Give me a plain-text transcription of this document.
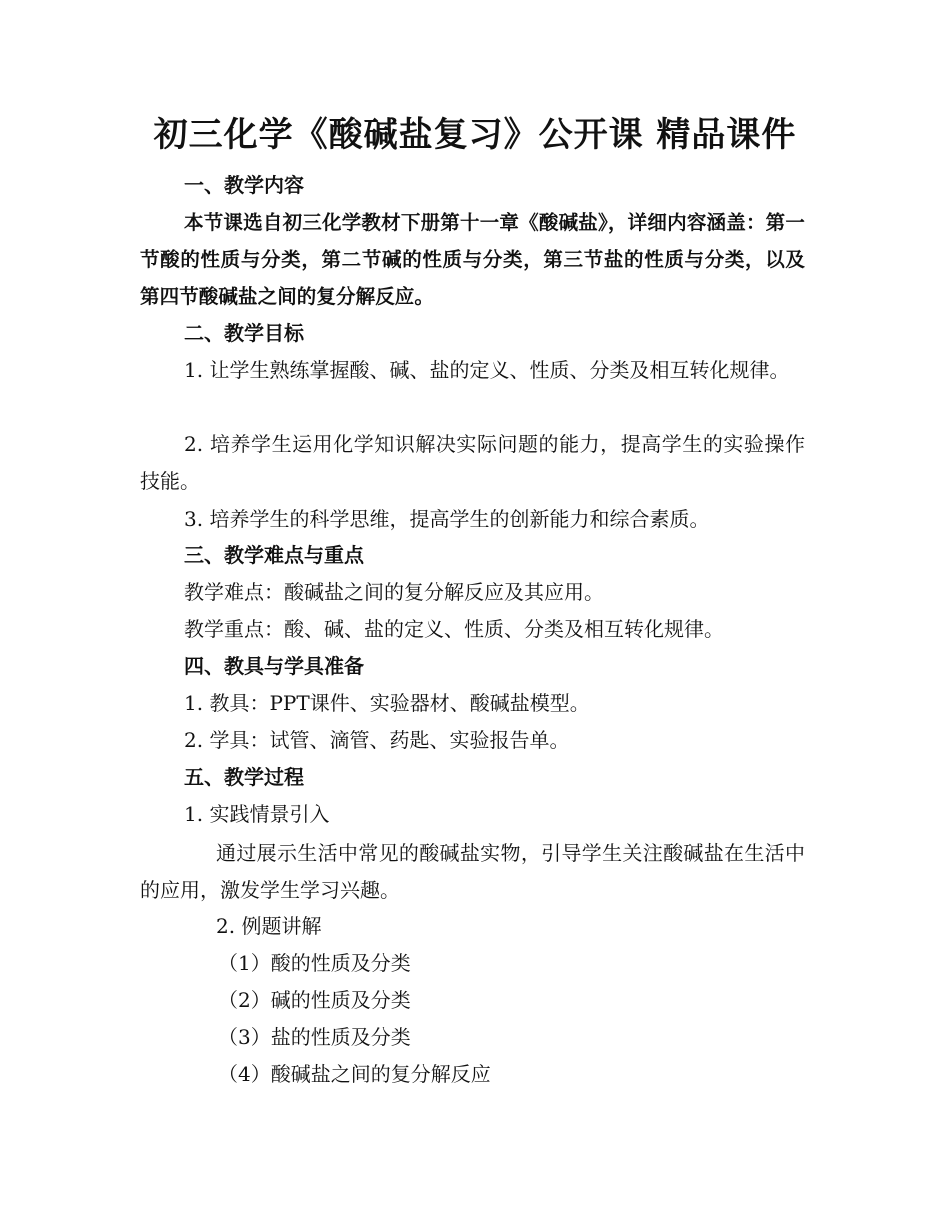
初三化学《酸碱盐复习》公开课 精品课件
一、教学内容
本节课选自初三化学教材下册第十一章《酸碱盐》，详细内容涵盖：第一节酸的性质与分类，第二节碱的性质与分类，第三节盐的性质与分类，以及第四节酸碱盐之间的复分解反应。
二、教学目标
1. 让学生熟练掌握酸、碱、盐的定义、性质、分类及相互转化规律。
2. 培养学生运用化学知识解决实际问题的能力，提高学生的实验操作技能。
3. 培养学生的科学思维，提高学生的创新能力和综合素质。
三、教学难点与重点
教学难点：酸碱盐之间的复分解反应及其应用。
教学重点：酸、碱、盐的定义、性质、分类及相互转化规律。
四、教具与学具准备
1. 教具：PPT课件、实验器材、酸碱盐模型。
2. 学具：试管、滴管、药匙、实验报告单。
五、教学过程
1. 实践情景引入
通过展示生活中常见的酸碱盐实物，引导学生关注酸碱盐在生活中的应用，激发学生学习兴趣。
2. 例题讲解
（1）酸的性质及分类
（2）碱的性质及分类
（3）盐的性质及分类
（4）酸碱盐之间的复分解反应
